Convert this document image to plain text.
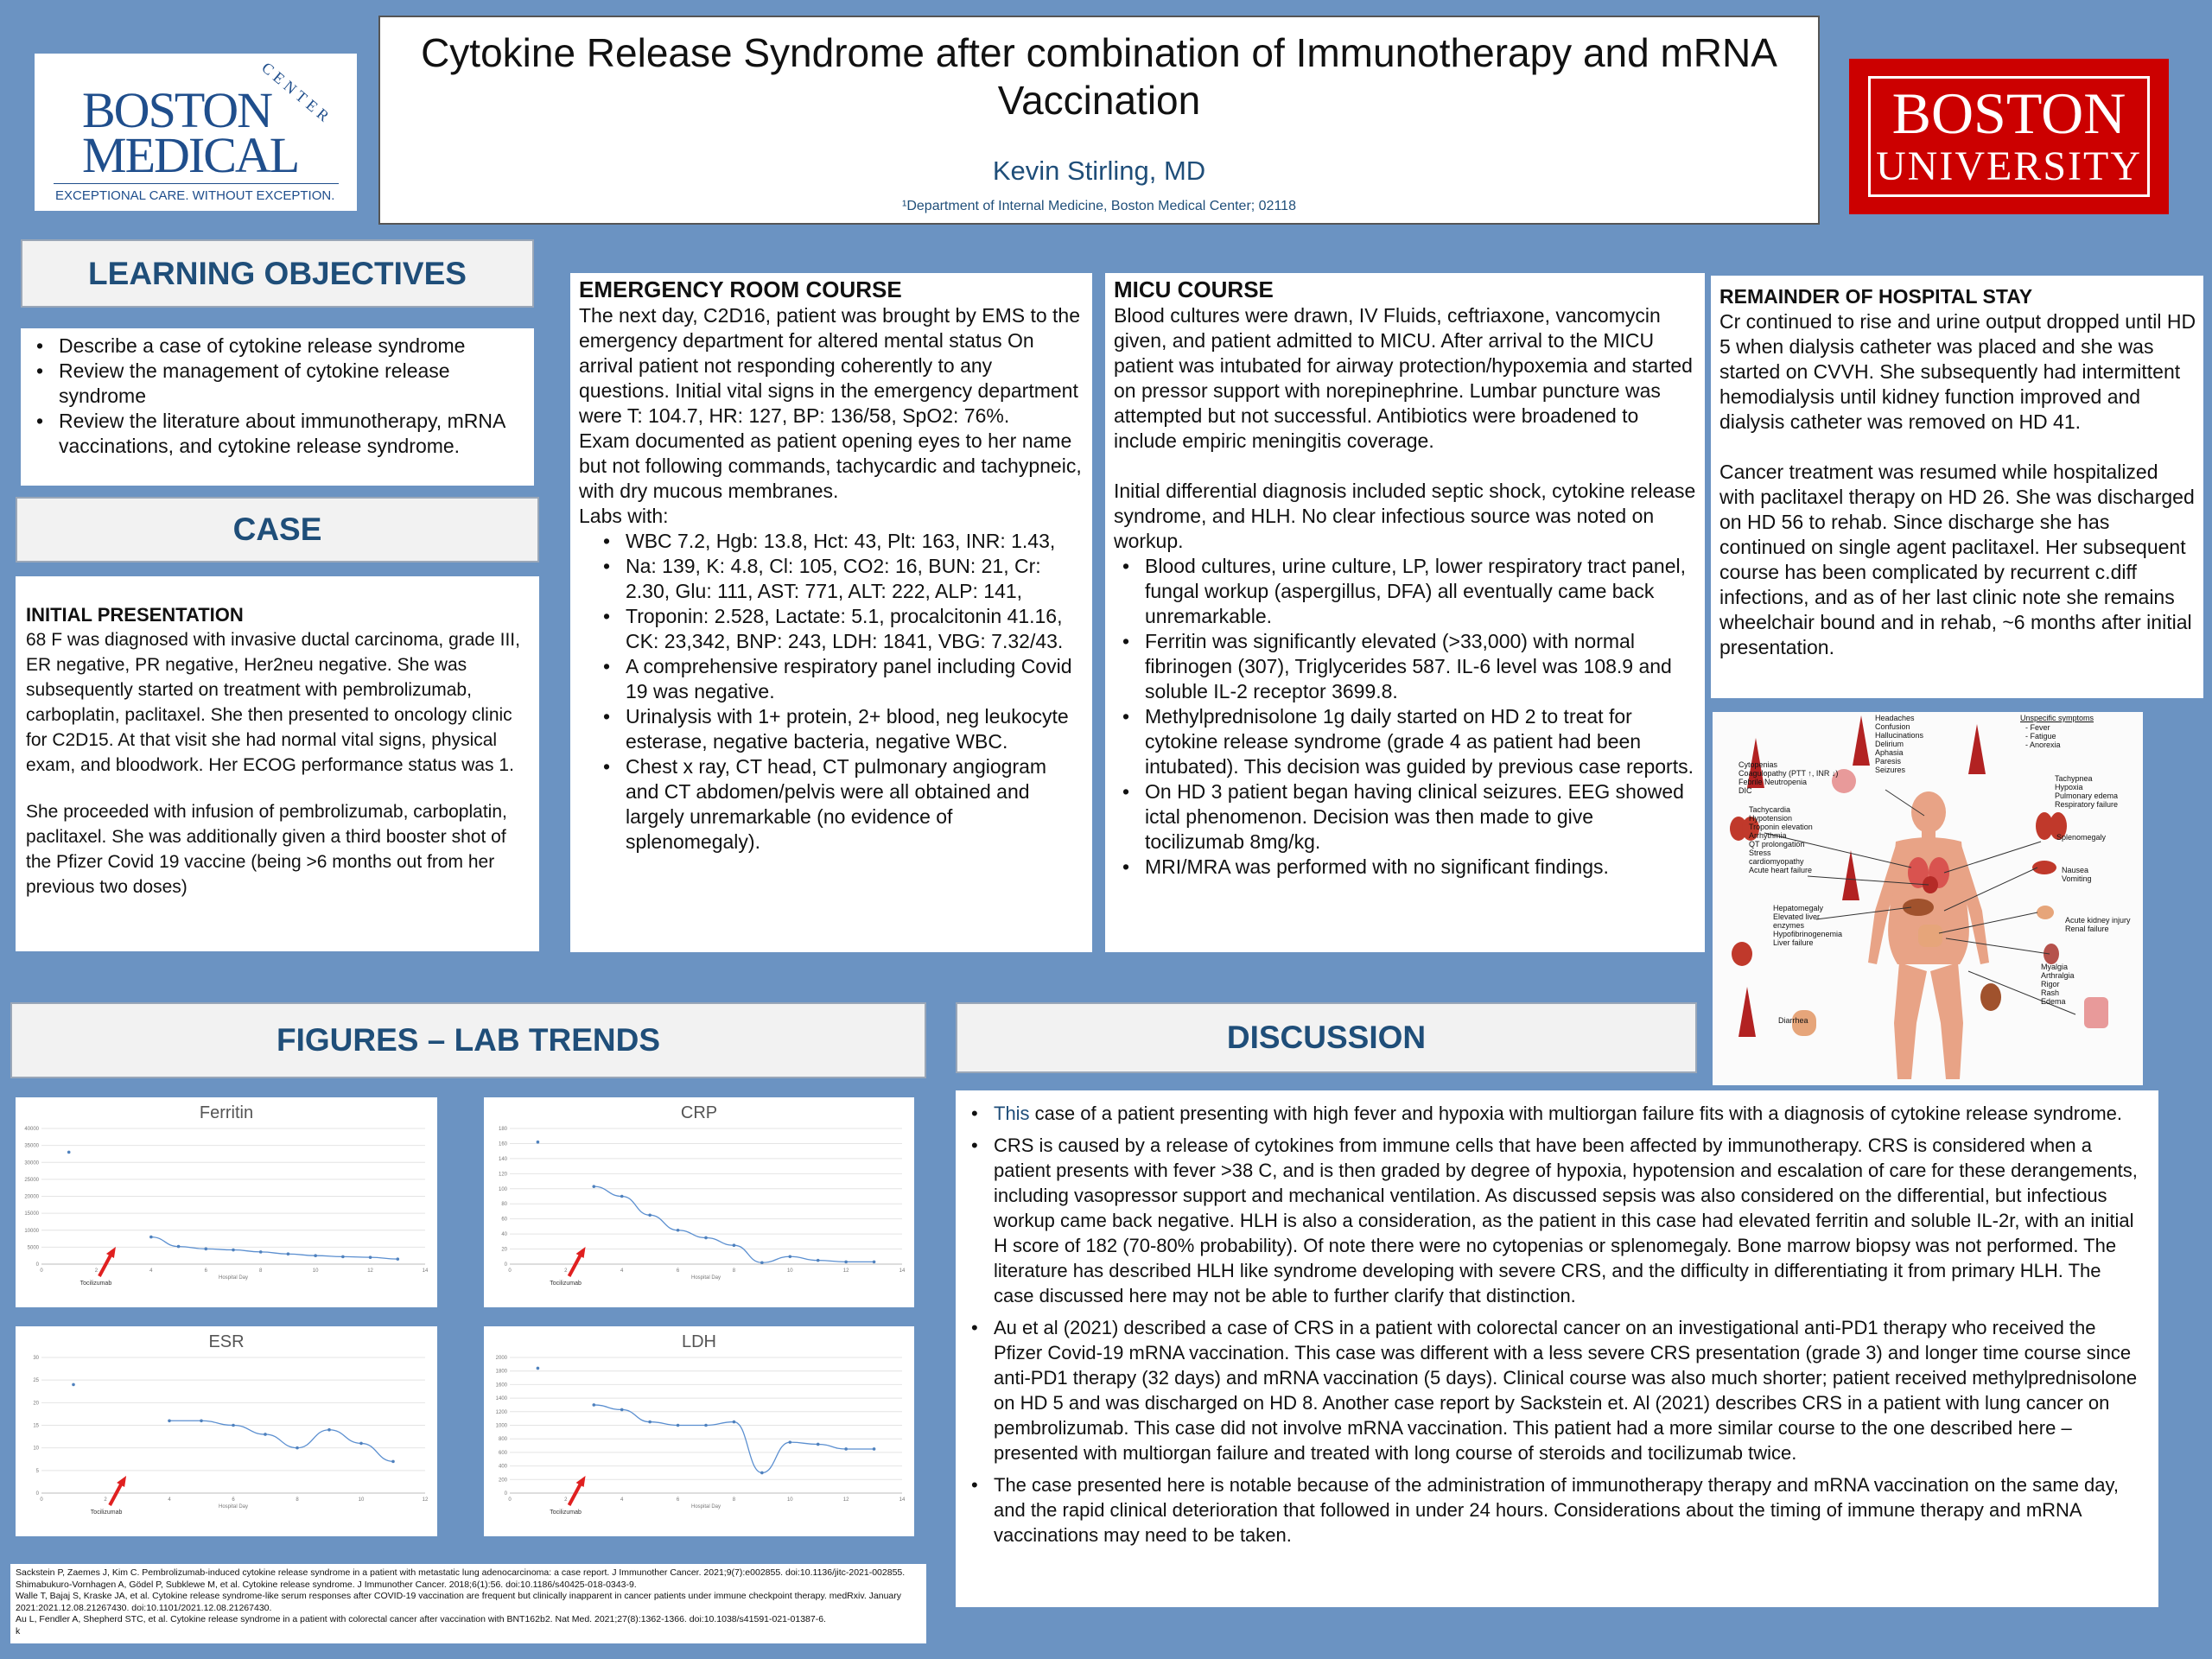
CENTER
BOSTON
MEDICAL
EXCEPTIONAL CARE. WITHOUT EXCEPTION.
Cytokine Release Syndrome after combination of Immunotherapy and mRNA Vaccination
Kevin Stirling, MD
¹Department of Internal Medicine, Boston Medical Center; 02118
BOSTON
UNIVERSITY
LEARNING OBJECTIVES
• Describe a case of cytokine release syndrome
• Review the management of cytokine release syndrome
• Review the literature about immunotherapy, mRNA vaccinations, and cytokine release syndrome.
CASE
INITIAL PRESENTATION

68 F was diagnosed with invasive ductal carcinoma, grade III, ER negative, PR negative, Her2neu negative. She was subsequently started on treatment with pembrolizumab, carboplatin, paclitaxel. She then presented to oncology clinic for C2D15. At that visit she had normal vital signs, physical exam, and bloodwork. Her ECOG performance status was 1.

She proceeded with infusion of pembrolizumab, carboplatin, paclitaxel. She was additionally given a third booster shot of the Pfizer Covid 19 vaccine (being >6 months out from her previous two doses)

EMERGENCY ROOM COURSE

The next day, C2D16, patient was brought by EMS to the emergency department for altered mental status On arrival patient not responding coherently to any questions. Initial vital signs in the emergency department were T: 104.7, HR: 127, BP: 136/58, SpO2: 76%.

Exam documented as patient opening eyes to her name but not following commands, tachycardic and tachypneic, with dry mucous membranes.

Labs with:

• WBC 7.2, Hgb: 13.8, Hct: 43, Plt: 163, INR: 1.43,
• Na: 139, K: 4.8, Cl: 105, CO2: 16, BUN: 21, Cr: 2.30, Glu: 111, AST: 771, ALT: 222, ALP: 141,
• Troponin: 2.528, Lactate: 5.1, procalcitonin 41.16, CK: 23,342, BNP: 243, LDH: 1841, VBG: 7.32/43.
• A comprehensive respiratory panel including Covid 19 was negative.
• Urinalysis with 1+ protein, 2+ blood, neg leukocyte esterase, negative bacteria, negative WBC.
• Chest x ray, CT head, CT pulmonary angiogram and CT abdomen/pelvis were all obtained and largely unremarkable (no evidence of splenomegaly).
MICU COURSE

Blood cultures were drawn, IV Fluids, ceftriaxone, vancomycin given, and patient admitted to MICU. After arrival to the MICU patient was intubated for airway protection/hypoxemia and started on pressor support with norepinephrine. Lumbar puncture was attempted but not successful. Antibiotics were broadened to include empiric meningitis coverage.

Initial differential diagnosis included septic shock, cytokine release syndrome, and HLH. No clear infectious source was noted on workup.

• Blood cultures, urine culture, LP, lower respiratory tract panel, fungal workup (aspergillus, DFA) all eventually came back unremarkable.
• Ferritin was significantly elevated (>33,000) with normal fibrinogen (307), Triglycerides 587. IL-6 level was 108.9 and soluble IL-2 receptor 3699.8.
• Methylprednisolone 1g daily started on HD 2 to treat for cytokine release syndrome (grade 4 as patient had been intubated). This decision was guided by previous case reports.
• On HD 3 patient began having clinical seizures. EEG showed ictal phenomenon. Decision was then made to give tocilizumab 8mg/kg.
• MRI/MRA was performed with no significant findings.
REMAINDER OF HOSPITAL STAY

Cr continued to rise and urine output dropped until HD 5 when dialysis catheter was placed and she was started on CVVH. She subsequently had intermittent hemodialysis until kidney function improved and dialysis catheter was removed on HD 41.

Cancer treatment was resumed while hospitalized with paclitaxel therapy on HD 26. She was discharged on HD 56 to rehab. Since discharge she has continued on single agent paclitaxel. Her subsequent course has been complicated by recurrent c.diff infections, and as of her last clinic note she remains wheelchair bound and in rehab, ~6 months after initial presentation.

Headaches
Confusion
Hallucinations
Delirium
Aphasia
Paresis
Seizures
Unspecific symptoms
- Fever
- Fatigue
- Anorexia
Cytopenias
Coagulopathy (PTT ↑, INR ↓)
Febrile Neutropenia
DIC
Tachypnea
Hypoxia
Pulmonary edema
Respiratory failure
Tachycardia
Hypotension
Troponin elevation
Arrhythmia
QT prolongation
Stress
cardiomyopathy
Acute heart failure
Splenomegaly
Nausea
Vomiting
Hepatomegaly
Elevated liver
enzymes
Hypofibrinogenemia
Liver failure
Acute kidney injury
Renal failure
Myalgia
Arthralgia
Rigor
Rash
Edema
Diarrhea
FIGURES – LAB TRENDS
Ferritin
0
5000
10000
15000
20000
25000
30000
35000
40000
0	2	4	6	8	10	12	14
Hospital Day
Tocilizumab
CRP
0
20
40
60
80
100
120
140
160
180
0	2	4	6	8	10	12	14
Hospital Day
Tocilizumab
ESR
0
5
10
15
20
25
30
0	2	4	6	8	10	12
Hospital Day
Tocilizumab
LDH
0
200
400
600
800
1000
1200
1400
1600
1800
2000
0	2	4	6	8	10	12	14
Hospital Day
Tocilizumab
Sackstein P, Zaemes J, Kim C. Pembrolizumab-induced cytokine release syndrome in a patient with metastatic lung adenocarcinoma: a case report. J Immunother Cancer. 2021;9(7):e002855. doi:10.1136/jitc-2021-002855.
Shimabukuro-Vornhagen A, Gödel P, Subklewe M, et al. Cytokine release syndrome. J Immunother Cancer. 2018;6(1):56. doi:10.1186/s40425-018-0343-9.
Walle T, Bajaj S, Kraske JA, et al. Cytokine release syndrome-like serum responses after COVID-19 vaccination are frequent but clinically inapparent in cancer patients under immune checkpoint therapy. medRxiv. January 2021:2021.12.08.21267430. doi:10.1101/2021.12.08.21267430.
Au L, Fendler A, Shepherd STC, et al. Cytokine release syndrome in a patient with colorectal cancer after vaccination with BNT162b2. Nat Med. 2021;27(8):1362-1366. doi:10.1038/s41591-021-01387-6.
k
DISCUSSION
• This case of a patient presenting with high fever and hypoxia with multiorgan failure fits with a diagnosis of cytokine release syndrome.
• CRS is caused by a release of cytokines from immune cells that have been affected by immunotherapy. CRS is considered when a patient presents with fever >38 C, and is then graded by degree of hypoxia, hypotension and escalation of care for these derangements, including vasopressor support and mechanical ventilation. As discussed sepsis was also considered on the differential, but infectious workup came back negative. HLH is also a consideration, as the patient in this case had elevated ferritin and soluble IL-2r, with an initial H score of 182 (70-80% probability). Of note there were no cytopenias or splenomegaly. Bone marrow biopsy was not performed. The literature has described HLH like syndrome developing with severe CRS, and the difficulty in differentiating it from primary HLH. The case discussed here may not be able to further clarify that distinction.
• Au et al (2021) described a case of CRS in a patient with colorectal cancer on an investigational anti-PD1 therapy who received the Pfizer Covid-19 mRNA vaccination. This case was different with a less severe CRS presentation (grade 3) and longer time course since anti-PD1 therapy (32 days) and mRNA vaccination (5 days). Clinical course was also much shorter; patient received methylprednisolone on HD 5 and was discharged on HD 8. Another case report by Sackstein et. Al (2021) describes CRS in a patient with lung cancer on pembrolizumab. This case did not involve mRNA vaccination. This patient had a more similar course to the one described here – presented with multiorgan failure and treated with long course of steroids and tocilizumab twice.
• The case presented here is notable because of the administration of immunotherapy therapy and mRNA vaccination on the same day, and the rapid clinical deterioration that followed in under 24 hours. Considerations about the timing of immune therapy and mRNA vaccinations may need to be taken.
